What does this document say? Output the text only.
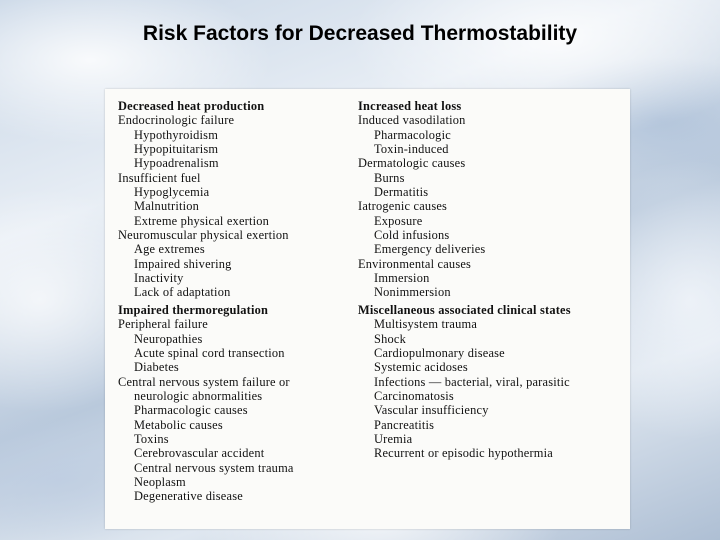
Risk Factors for Decreased Thermostability
Decreased heat production
Endocrinologic failure
Hypothyroidism
Hypopituitarism
Hypoadrenalism
Insufficient fuel
Hypoglycemia
Malnutrition
Extreme physical exertion
Neuromuscular physical exertion
Age extremes
Impaired shivering
Inactivity
Lack of adaptation
Impaired thermoregulation
Peripheral failure
Neuropathies
Acute spinal cord transection
Diabetes
Central nervous system failure or
neurologic abnormalities
Pharmacologic causes
Metabolic causes
Toxins
Cerebrovascular accident
Central nervous system trauma
Neoplasm
Degenerative disease
Increased heat loss
Induced vasodilation
Pharmacologic
Toxin-induced
Dermatologic causes
Burns
Dermatitis
Iatrogenic causes
Exposure
Cold infusions
Emergency deliveries
Environmental causes
Immersion
Nonimmersion
Miscellaneous associated clinical states
Multisystem trauma
Shock
Cardiopulmonary disease
Systemic acidoses
Infections — bacterial, viral, parasitic
Carcinomatosis
Vascular insufficiency
Pancreatitis
Uremia
Recurrent or episodic hypothermia
